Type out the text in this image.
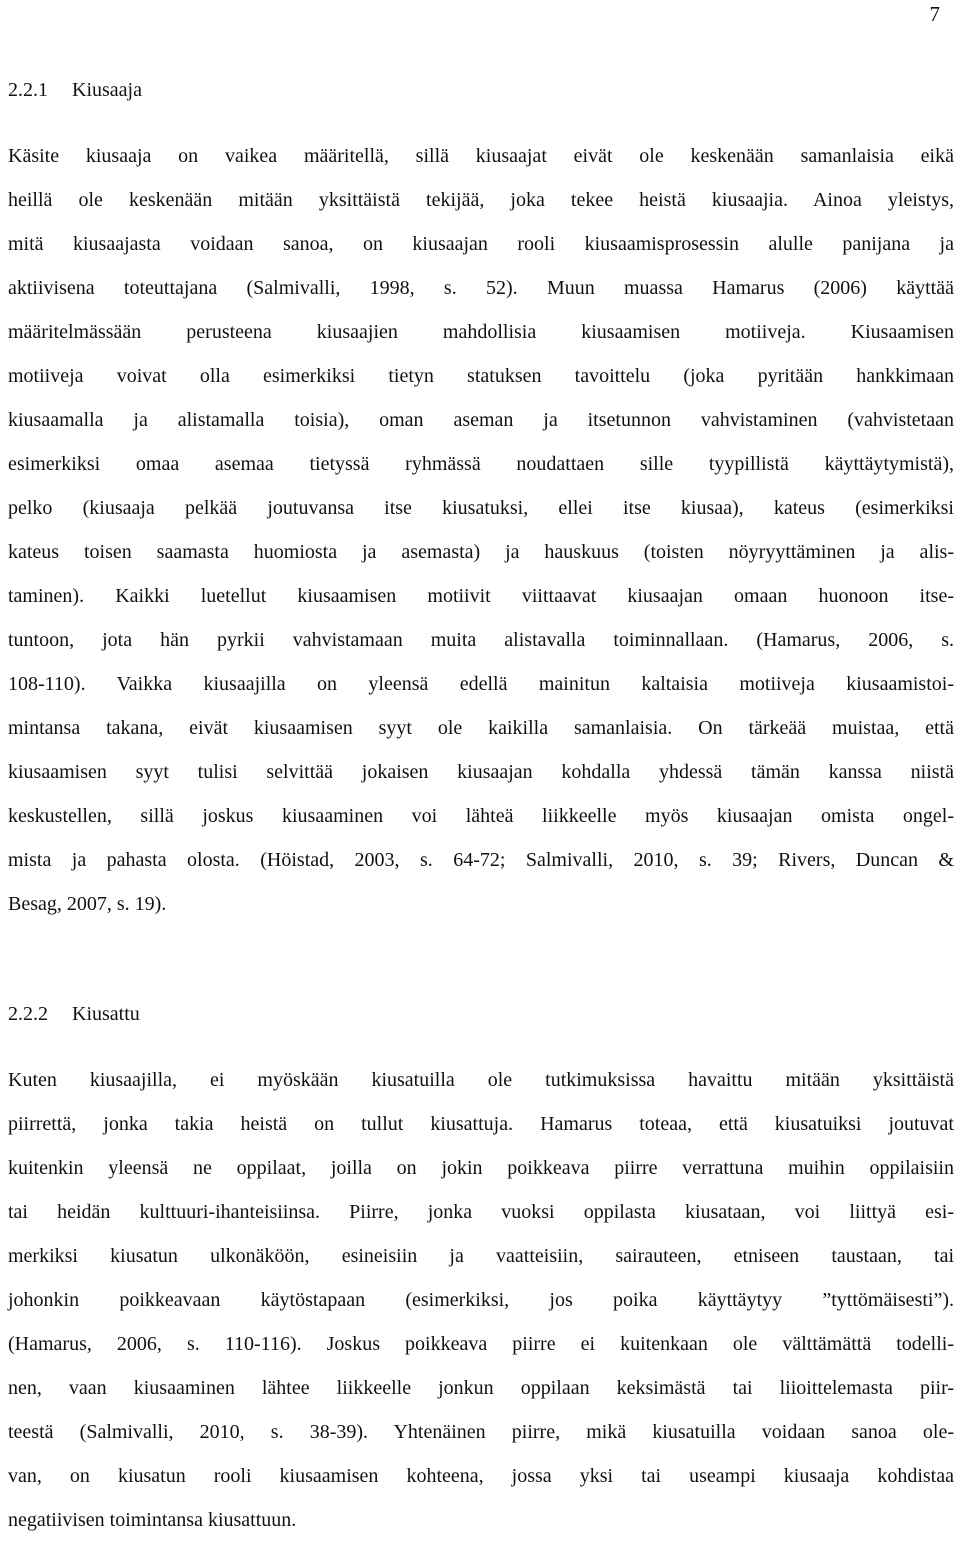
7
2.2.1 Kiusaaja
Käsite kiusaaja on vaikea määritellä, sillä kiusaajat eivät ole keskenään samanlaisia eikä
heillä ole keskenään mitään yksittäistä tekijää, joka tekee heistä kiusaajia. Ainoa yleistys,
mitä kiusaajasta voidaan sanoa, on kiusaajan rooli kiusaamisprosessin alulle panijana ja
aktiivisena toteuttajana (Salmivalli, 1998, s. 52). Muun muassa Hamarus (2006) käyttää
määritelmässään perusteena kiusaajien mahdollisia kiusaamisen motiiveja. Kiusaamisen
motiiveja voivat olla esimerkiksi tietyn statuksen tavoittelu (joka pyritään hankkimaan
kiusaamalla ja alistamalla toisia), oman aseman ja itsetunnon vahvistaminen (vahvistetaan
esimerkiksi omaa asemaa tietyssä ryhmässä noudattaen sille tyypillistä käyttäytymistä),
pelko (kiusaaja pelkää joutuvansa itse kiusatuksi, ellei itse kiusaa), kateus (esimerkiksi
kateus toisen saamasta huomiosta ja asemasta) ja hauskuus (toisten nöyryyttäminen ja alis-
taminen). Kaikki luetellut kiusaamisen motiivit viittaavat kiusaajan omaan huonoon itse-
tuntoon, jota hän pyrkii vahvistamaan muita alistavalla toiminnallaan. (Hamarus, 2006, s.
108-110). Vaikka kiusaajilla on yleensä edellä mainitun kaltaisia motiiveja kiusaamistoi-
mintansa takana, eivät kiusaamisen syyt ole kaikilla samanlaisia. On tärkeää muistaa, että
kiusaamisen syyt tulisi selvittää jokaisen kiusaajan kohdalla yhdessä tämän kanssa niistä
keskustellen, sillä joskus kiusaaminen voi lähteä liikkeelle myös kiusaajan omista ongel-
mista ja pahasta olosta. (Höistad, 2003, s. 64-72; Salmivalli, 2010, s. 39; Rivers, Duncan &
Besag, 2007, s. 19).
2.2.2 Kiusattu
Kuten kiusaajilla, ei myöskään kiusatuilla ole tutkimuksissa havaittu mitään yksittäistä
piirrettä, jonka takia heistä on tullut kiusattuja. Hamarus toteaa, että kiusatuiksi joutuvat
kuitenkin yleensä ne oppilaat, joilla on jokin poikkeava piirre verrattuna muihin oppilaisiin
tai heidän kulttuuri-ihanteisiinsa. Piirre, jonka vuoksi oppilasta kiusataan, voi liittyä esi-
merkiksi kiusatun ulkonäköön, esineisiin ja vaatteisiin, sairauteen, etniseen taustaan, tai
johonkin poikkeavaan käytöstapaan (esimerkiksi, jos poika käyttäytyy ”tyttömäisesti”).
(Hamarus, 2006, s. 110-116). Joskus poikkeava piirre ei kuitenkaan ole välttämättä todelli-
nen, vaan kiusaaminen lähtee liikkeelle jonkun oppilaan keksimästä tai liioittelemasta piir-
teestä (Salmivalli, 2010, s. 38-39). Yhtenäinen piirre, mikä kiusatuilla voidaan sanoa ole-
van, on kiusatun rooli kiusaamisen kohteena, jossa yksi tai useampi kiusaaja kohdistaa
negatiivisen toimintansa kiusattuun.
